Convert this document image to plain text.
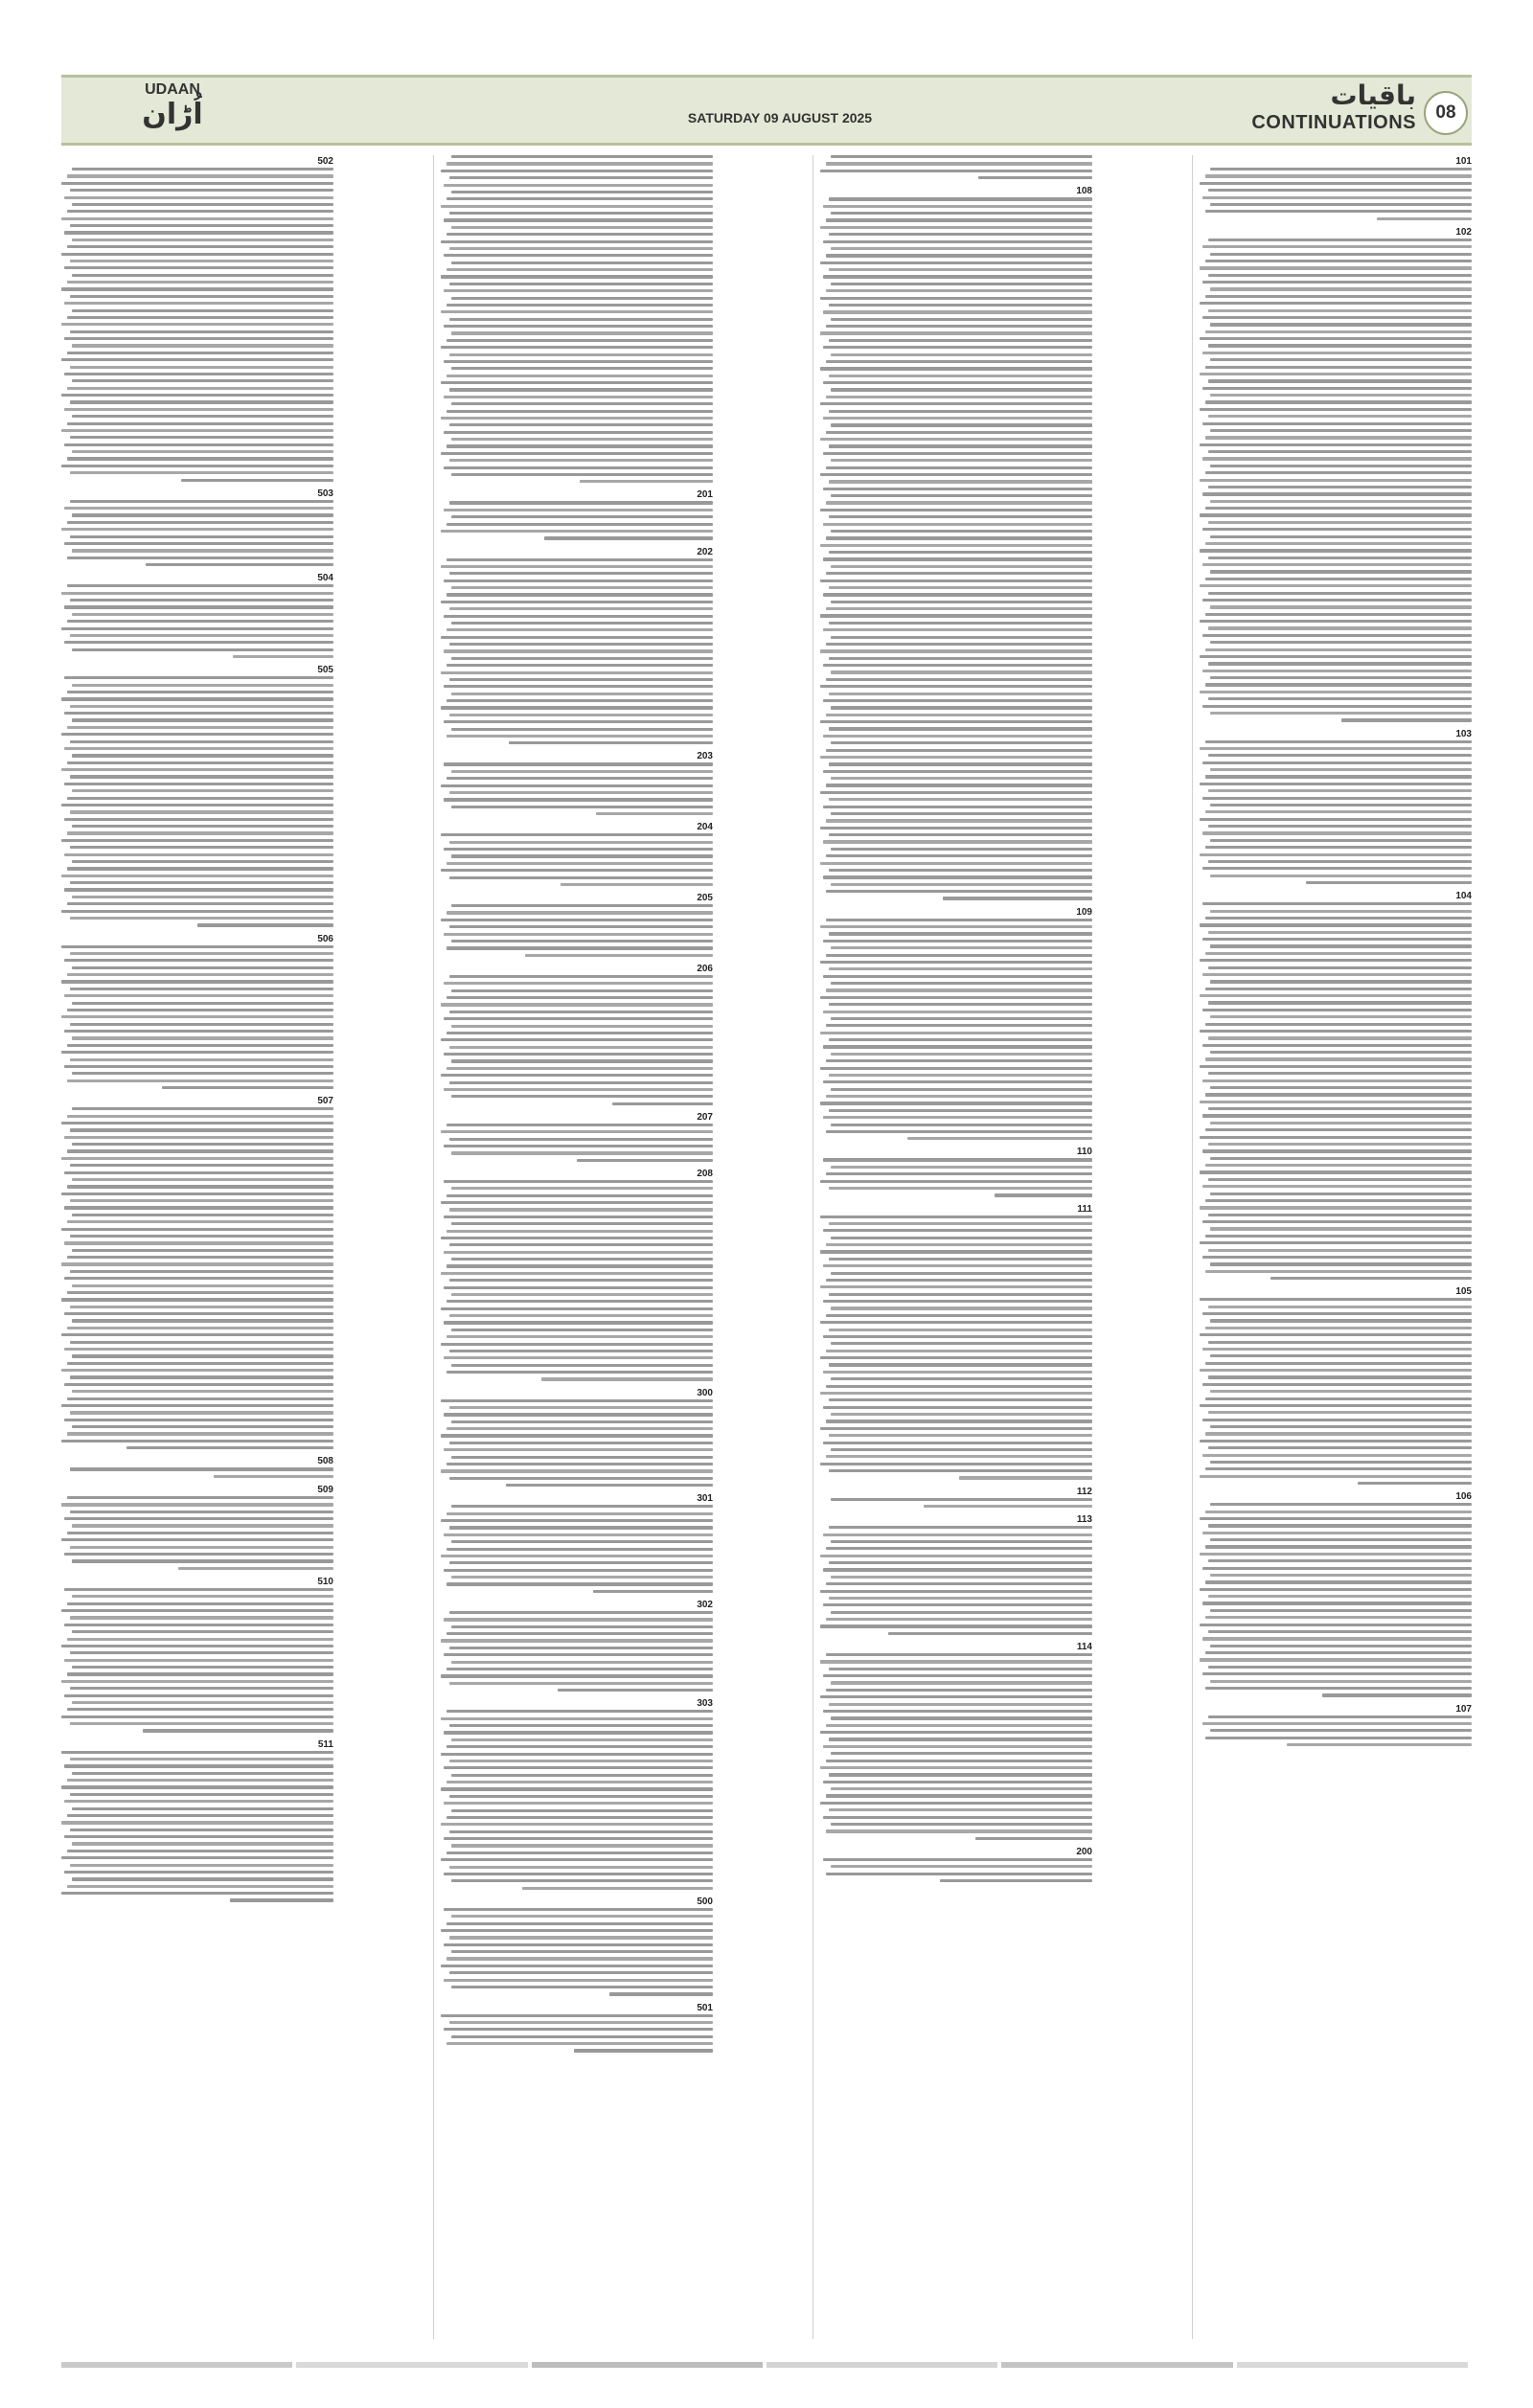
UDAAN
اُڑان	SATURDAY 09 AUGUST 2025
باقیات
CONTINUATIONS	08
101
102
103
104
105
106
107
108
109
110
111
112
113
114
200
201
202
203
204
205
206
207
208
300
301
302
303
500
501
502
503
504
505
506
507
508
509
510
511
